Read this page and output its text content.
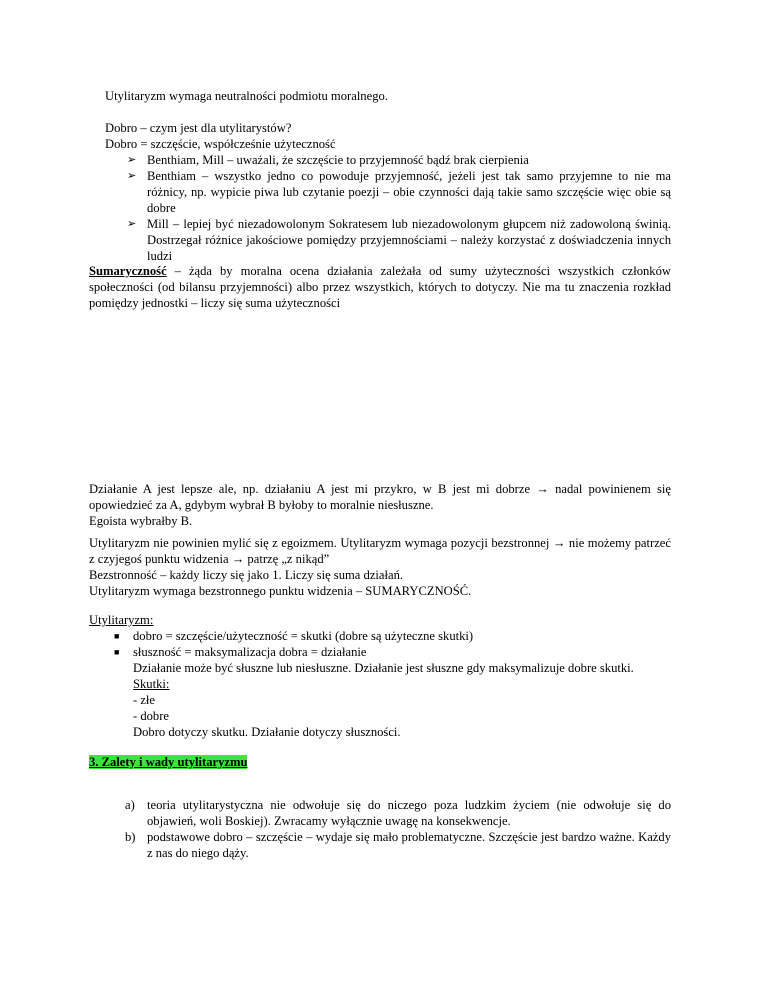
Utylitaryzm wymaga neutralności podmiotu moralnego.
Dobro – czym jest dla utylitarystów?
Dobro = szczęście, współcześnie użyteczność
➢ Benthiam, Mill – uważali, że szczęście to przyjemność bądź brak cierpienia
➢ Benthiam – wszystko jedno co powoduje przyjemność, jeżeli jest tak samo przyjemne to nie ma różnicy, np. wypicie piwa lub czytanie poezji – obie czynności dają takie samo szczęście więc obie są dobre
➢ Mill – lepiej być niezadowolonym Sokratesem lub niezadowolonym głupcem niż zadowoloną świnią. Dostrzegał różnice jakościowe pomiędzy przyjemnościami – należy korzystać z doświadczenia innych ludzi
Sumaryczność – żąda by moralna ocena działania zależała od sumy użyteczności wszystkich członków społeczności (od bilansu przyjemności) albo przez wszystkich, których to dotyczy. Nie ma tu znaczenia rozkład pomiędzy jednostki – liczy się suma użyteczności
Działanie A jest lepsze ale, np. działaniu A jest mi przykro, w B jest mi dobrze → nadal powinienem się opowiedzieć za A, gdybym wybrał B byłoby to moralnie niesłuszne.
Egoista wybrałby B.
Utylitaryzm nie powinien mylić się z egoizmem. Utylitaryzm wymaga pozycji bezstronnej → nie możemy patrzeć z czyjegoś punktu widzenia → patrzę „z nikąd”
Bezstronność – każdy liczy się jako 1. Liczy się suma działań.
Utylitaryzm wymaga bezstronnego punktu widzenia – SUMARYCZNOŚĆ.
Utylitaryzm:
■ dobro = szczęście/użyteczność = skutki (dobre są użyteczne skutki)
■ słuszność = maksymalizacja dobra = działanie
Działanie może być słuszne lub niesłuszne. Działanie jest słuszne gdy maksymalizuje dobre skutki.
Skutki:
- złe
- dobre
Dobro dotyczy skutku. Działanie dotyczy słuszności.
3. Zalety i wady utylitaryzmu
a) teoria utylitarystyczna nie odwołuje się do niczego poza ludzkim życiem (nie odwołuje się do objawień, woli Boskiej). Zwracamy wyłącznie uwagę na konsekwencje.
b) podstawowe dobro – szczęście – wydaje się mało problematyczne. Szczęście jest bardzo ważne. Każdy z nas do niego dąży.
